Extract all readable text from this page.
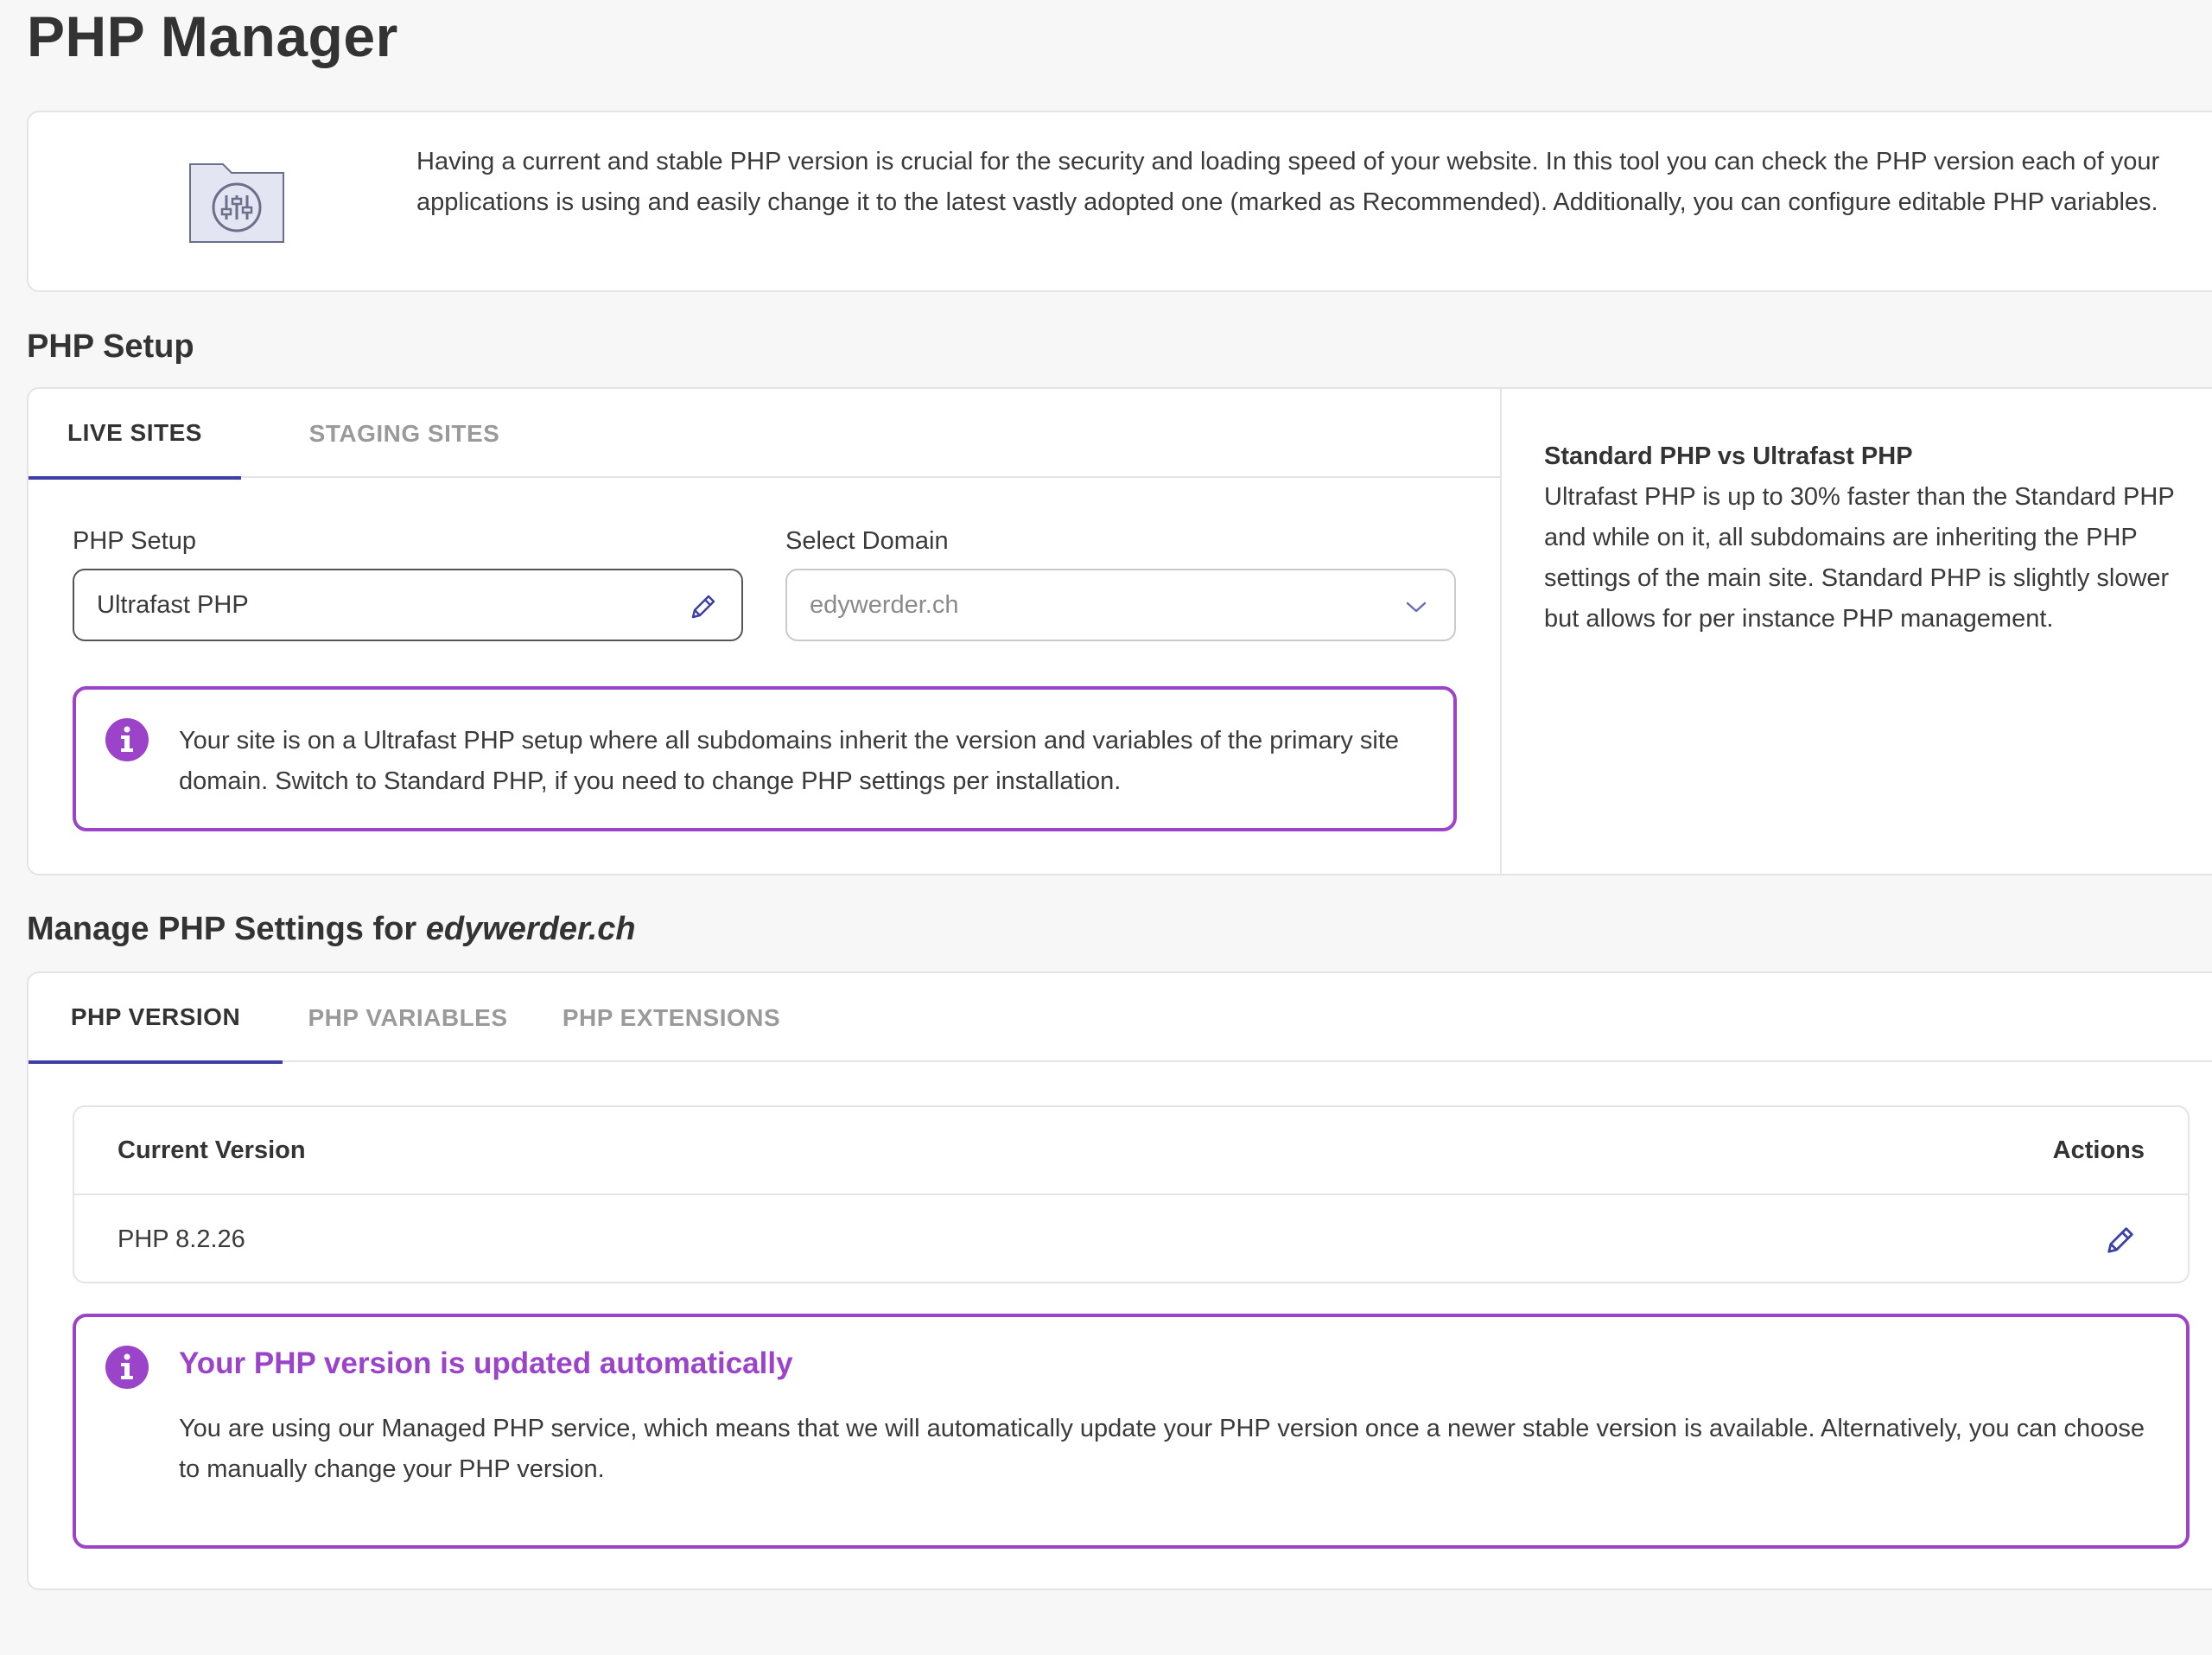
PHP Manager

Having a current and stable PHP version is crucial for the security and loading speed of your website. In this tool you can check the PHP version each of your applications is using and easily change it to the latest vastly adopted one (marked as Recommended). Additionally, you can configure editable PHP variables.

PHP Setup
LIVE SITES	STAGING SITES
PHP Setup
Ultrafast PHP
Select Domain
edywerder.ch

Your site is on a Ultrafast PHP setup where all subdomains inherit the version and variables of the primary site domain. Switch to Standard PHP, if you need to change PHP settings per installation.

Standard PHP vs Ultrafast PHP

Ultrafast PHP is up to 30% faster than the Standard PHP and while on it, all subdomains are inheriting the PHP settings of the main site. Standard PHP is slightly slower but allows for per instance PHP management.

Manage PHP Settings for edywerder.ch
PHP VERSION	PHP VARIABLES	PHP EXTENSIONS
Current Version	Actions
PHP 8.2.26
Your PHP version is updated automatically

You are using our Managed PHP service, which means that we will automatically update your PHP version once a newer stable version is available. Alternatively, you can choose to manually change your PHP version.
